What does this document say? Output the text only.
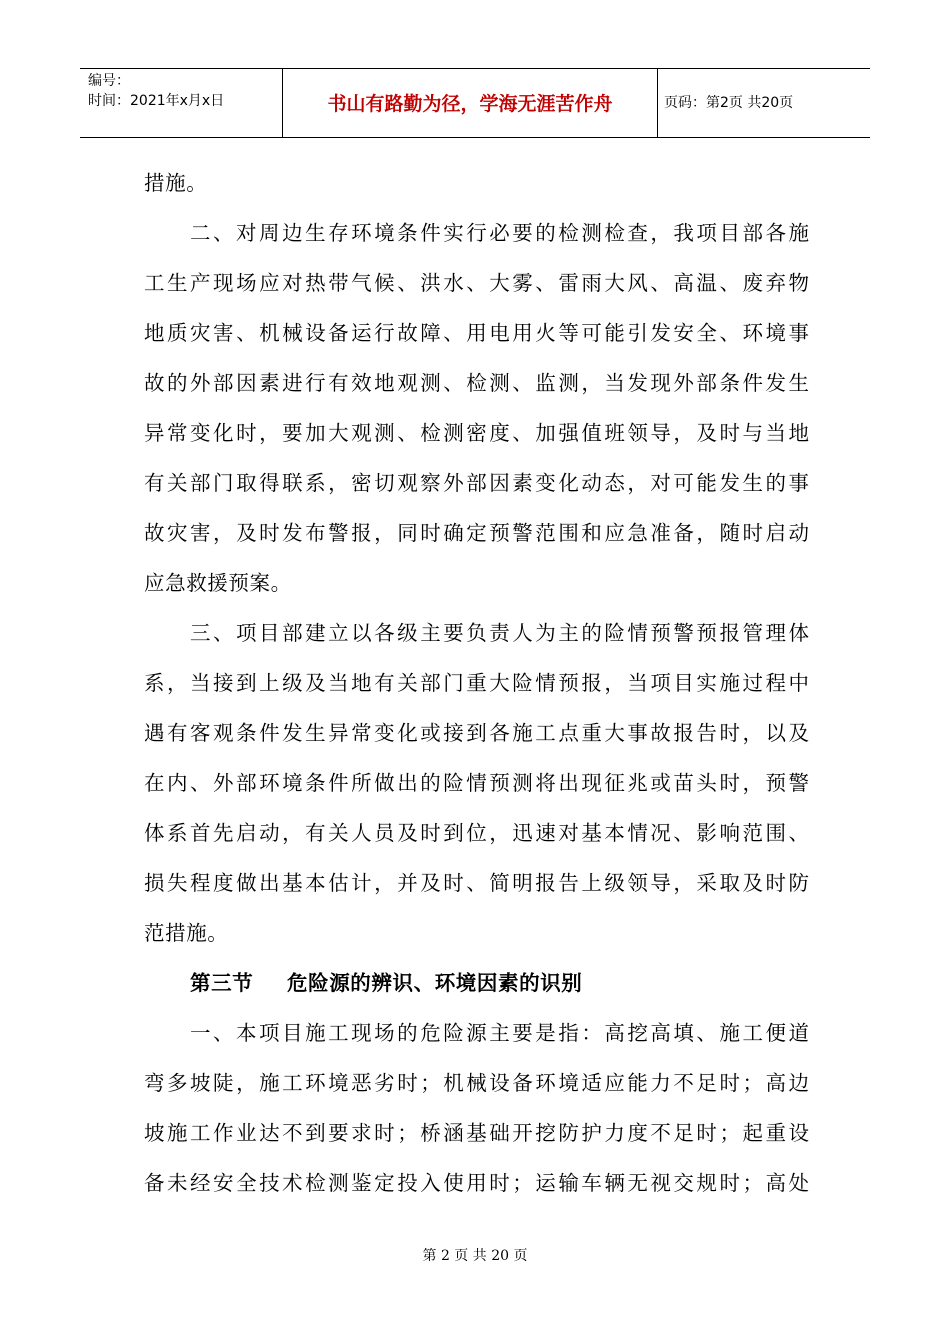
编号：
时间：2021年x月x日	书山有路勤为径，学海无涯苦作舟	页码：第2页 共20页
措施。
二、对周边生存环境条件实行必要的检测检查，我项目部各施
工生产现场应对热带气候、洪水、大雾、雷雨大风、高温、废弃物
地质灾害、机械设备运行故障、用电用火等可能引发安全、环境事
故的外部因素进行有效地观测、检测、监测，当发现外部条件发生
异常变化时，要加大观测、检测密度、加强值班领导，及时与当地
有关部门取得联系，密切观察外部因素变化动态，对可能发生的事
故灾害，及时发布警报，同时确定预警范围和应急准备，随时启动
应急救援预案。
三、项目部建立以各级主要负责人为主的险情预警预报管理体
系，当接到上级及当地有关部门重大险情预报，当项目实施过程中
遇有客观条件发生异常变化或接到各施工点重大事故报告时，以及
在内、外部环境条件所做出的险情预测将出现征兆或苗头时，预警
体系首先启动，有关人员及时到位，迅速对基本情况、影响范围、
损失程度做出基本估计，并及时、简明报告上级领导，采取及时防
范措施。
第三节 危险源的辨识、环境因素的识别
一、本项目施工现场的危险源主要是指：高挖高填、施工便道
弯多坡陡，施工环境恶劣时；机械设备环境适应能力不足时；高边
坡施工作业达不到要求时；桥涵基础开挖防护力度不足时；起重设
备未经安全技术检测鉴定投入使用时；运输车辆无视交规时；高处
第 2 页 共 20 页
